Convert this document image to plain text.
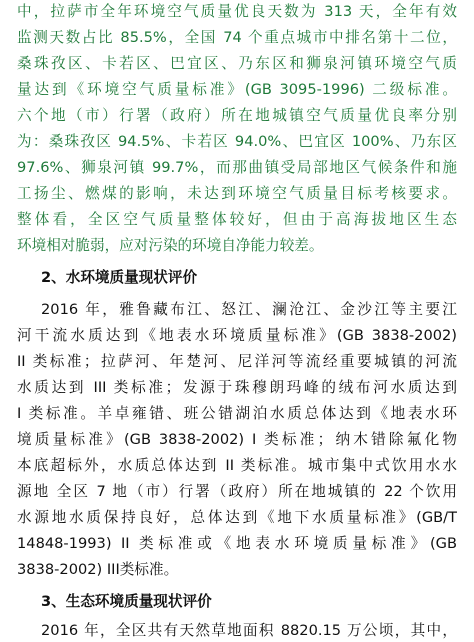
中，拉萨市全年环境空气质量优良天数为 313 天，全年有效
监测天数占比 85.5%，全国 74 个重点城市中排名第十二位，
桑珠孜区、卡若区、巴宜区、乃东区和狮泉河镇环境空气质
量达到《环境空气质量标准》(GB 3095-1996) 二级标准。
六个地（市）行署（政府）所在地城镇空气质量优良率分别
为：桑珠孜区 94.5%、卡若区 94.0%、巴宜区 100%、乃东区
97.6%、狮泉河镇 99.7%，而那曲镇受局部地区气候条件和施
工扬尘、燃煤的影响，未达到环境空气质量目标考核要求。
整体看，全区空气质量整体较好，但由于高海拔地区生态
环境相对脆弱，应对污染的环境自净能力较差。
2、水环境质量现状评价
2016 年，雅鲁藏布江、怒江、澜沧江、金沙江等主要江
河干流水质达到《地表水环境质量标准》(GB 3838-2002)
II 类标准；拉萨河、年楚河、尼洋河等流经重要城镇的河流
水质达到 III 类标准；发源于珠穆朗玛峰的绒布河水质达到
I 类标准。羊卓雍错、班公错湖泊水质总体达到《地表水环
境质量标准》(GB 3838-2002) I 类标准；纳木错除氟化物
本底超标外，水质总体达到 II 类标准。城市集中式饮用水水
源地 全区 7 地（市）行署（政府）所在地城镇的 22 个饮用
水源地水质保持良好，总体达到《地下水质量标准》(GB/T
14848-1993) II 类标准或《地表水环境质量标准》(GB
3838-2002) III类标准。
3、生态环境质量现状评价
2016 年，全区共有天然草地面积 8820.15 万公顷，其中，
